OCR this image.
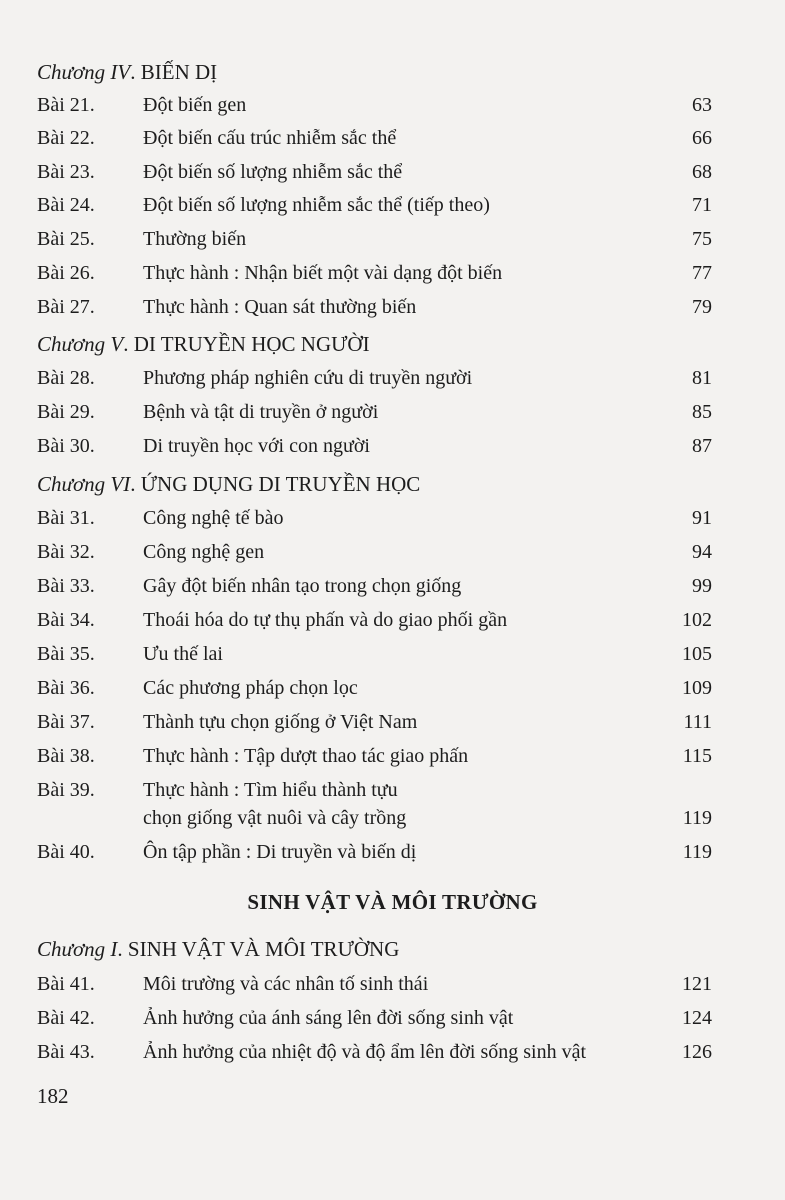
Chương IV. BIẾN DỊ
Bài 21. Đột biến gen	63
Bài 22. Đột biến cấu trúc nhiễm sắc thể	66
Bài 23. Đột biến số lượng nhiễm sắc thể	68
Bài 24. Đột biến số lượng nhiễm sắc thể (tiếp theo)	71
Bài 25. Thường biến	75
Bài 26. Thực hành : Nhận biết một vài dạng đột biến	77
Bài 27. Thực hành : Quan sát thường biến	79
Chương V. DI TRUYỀN HỌC NGƯỜI
Bài 28. Phương pháp nghiên cứu di truyền người	81
Bài 29. Bệnh và tật di truyền ở người	85
Bài 30. Di truyền học với con người	87
Chương VI. ỨNG DỤNG DI TRUYỀN HỌC
Bài 31. Công nghệ tế bào	91
Bài 32. Công nghệ gen	94
Bài 33. Gây đột biến nhân tạo trong chọn giống	99
Bài 34. Thoái hóa do tự thụ phấn và do giao phối gần	102
Bài 35. Ưu thế lai	105
Bài 36. Các phương pháp chọn lọc	109
Bài 37. Thành tựu chọn giống ở Việt Nam	111
Bài 38. Thực hành : Tập dượt thao tác giao phấn	115
Bài 39. Thực hành : Tìm hiểu thành tựu
chọn giống vật nuôi và cây trồng	119
Bài 40. Ôn tập phần : Di truyền và biến dị	119
SINH VẬT VÀ MÔI TRƯỜNG
Chương I. SINH VẬT VÀ MÔI TRƯỜNG
Bài 41. Môi trường và các nhân tố sinh thái	121
Bài 42. Ảnh hưởng của ánh sáng lên đời sống sinh vật	124
Bài 43. Ảnh hưởng của nhiệt độ và độ ẩm lên đời sống sinh vật	126
182
